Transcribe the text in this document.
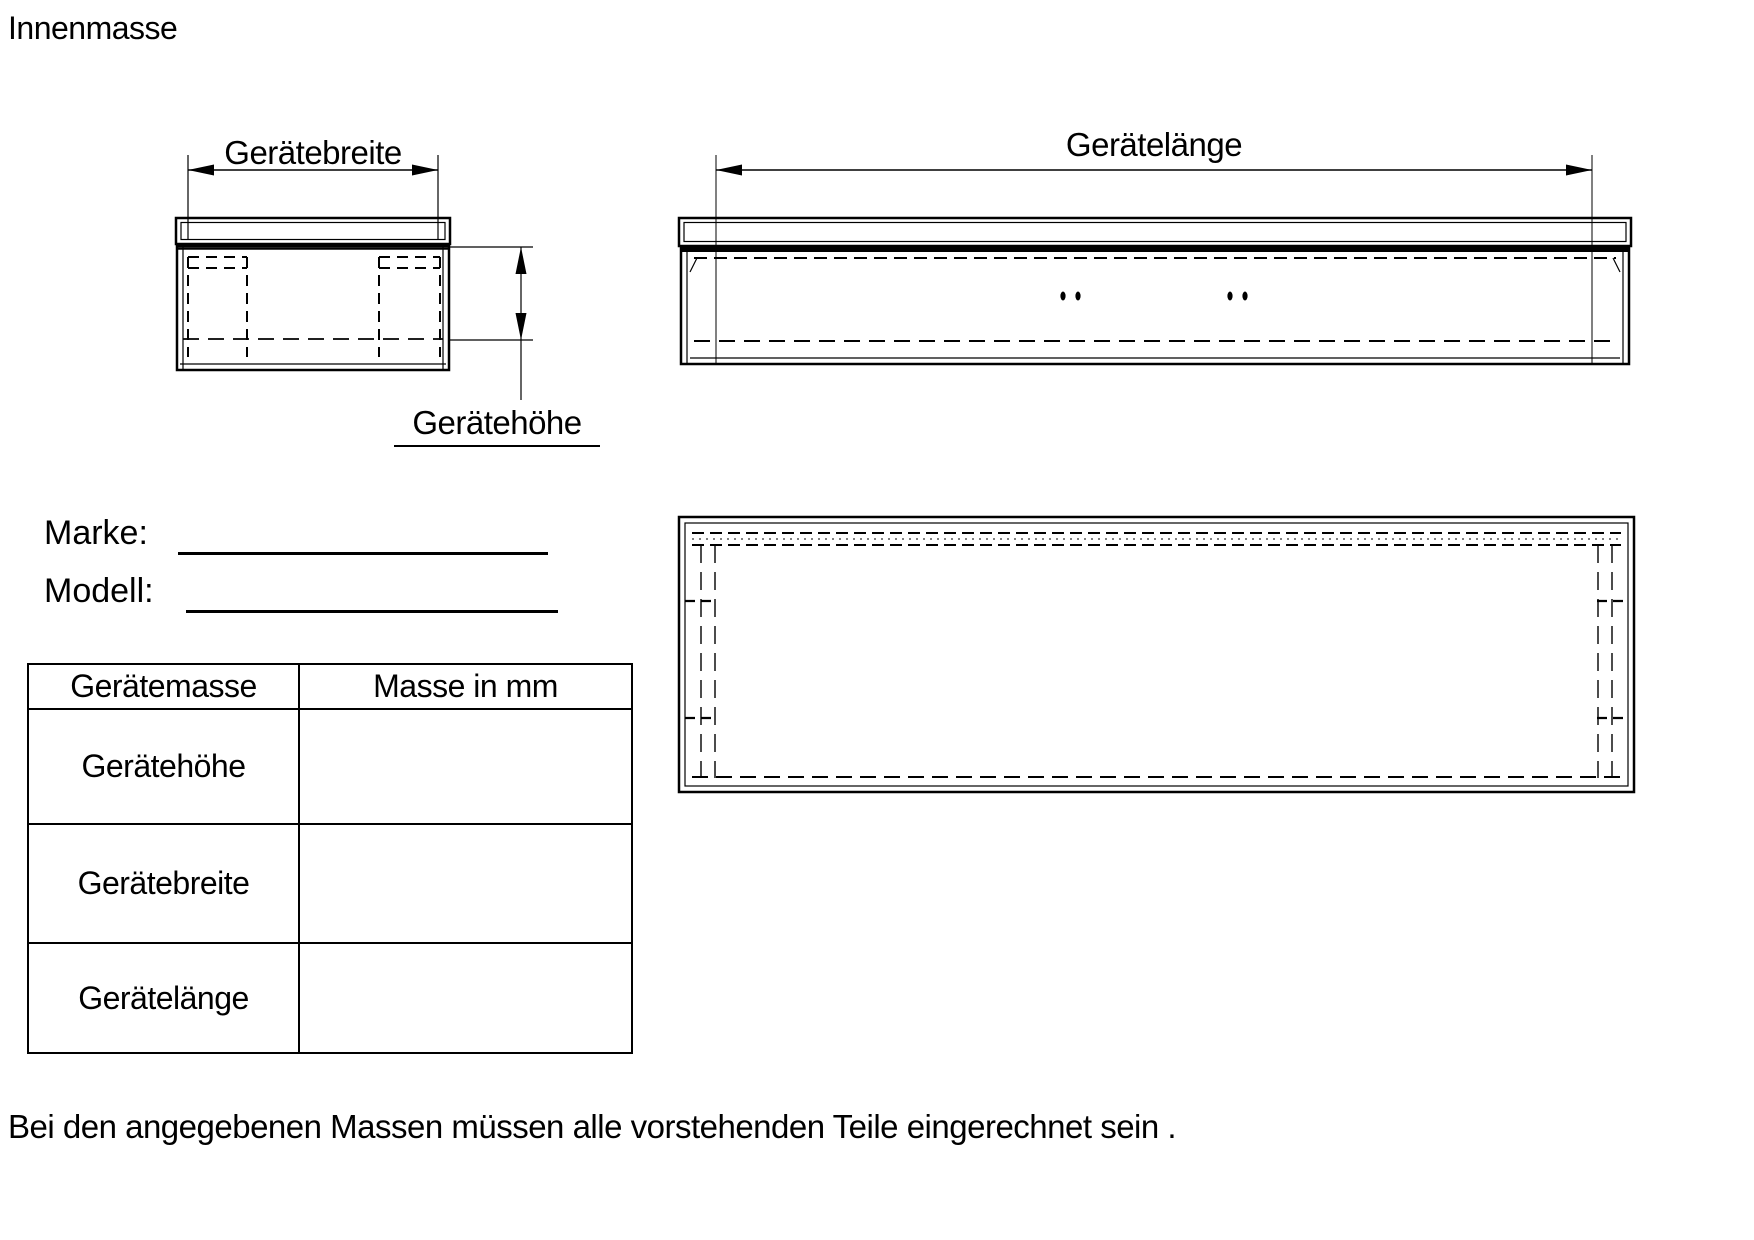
Innenmasse
Gerätebreite	Gerätelänge
Gerätehöhe
Marke:
Modell:
Gerätemasse	Masse in mm
Gerätehöhe	
Gerätebreite	
Gerätelänge	
Bei den angegebenen Massen müssen alle vorstehenden Teile eingerechnet sein .
